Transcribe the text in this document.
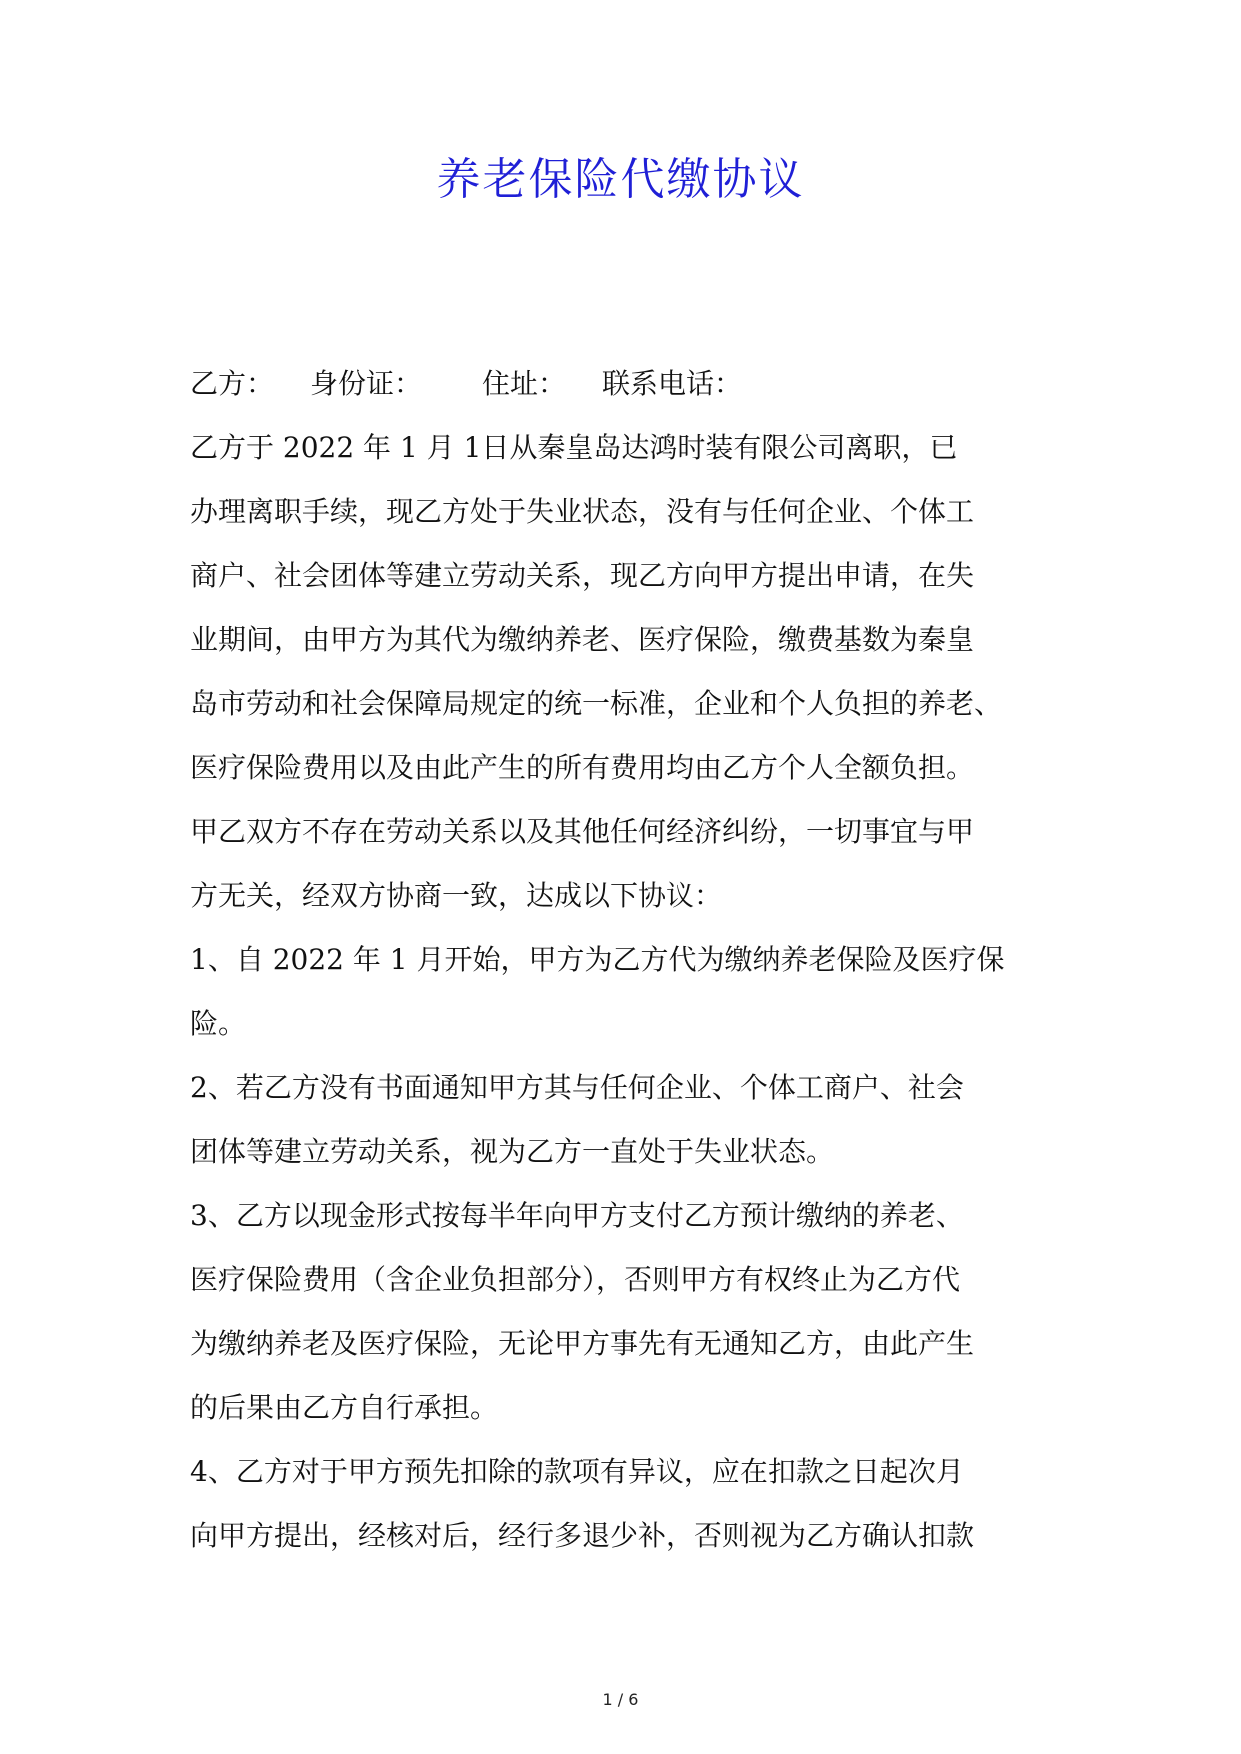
养老保险代缴协议
乙方： 身份证： 住址： 联系电话：
乙方于 2022 年 1 月 1日从秦皇岛达鸿时装有限公司离职，已
办理离职手续，现乙方处于失业状态，没有与任何企业、个体工
商户、社会团体等建立劳动关系，现乙方向甲方提出申请，在失
业期间，由甲方为其代为缴纳养老、医疗保险，缴费基数为秦皇
岛市劳动和社会保障局规定的统一标准，企业和个人负担的养老、
医疗保险费用以及由此产生的所有费用均由乙方个人全额负担。
甲乙双方不存在劳动关系以及其他任何经济纠纷，一切事宜与甲
方无关，经双方协商一致，达成以下协议：
1、自 2022 年 1 月开始，甲方为乙方代为缴纳养老保险及医疗保
险。
2、若乙方没有书面通知甲方其与任何企业、个体工商户、社会
团体等建立劳动关系，视为乙方一直处于失业状态。
3、乙方以现金形式按每半年向甲方支付乙方预计缴纳的养老、
医疗保险费用（含企业负担部分），否则甲方有权终止为乙方代
为缴纳养老及医疗保险，无论甲方事先有无通知乙方，由此产生
的后果由乙方自行承担。
4、乙方对于甲方预先扣除的款项有异议，应在扣款之日起次月
向甲方提出，经核对后，经行多退少补，否则视为乙方确认扣款
1 / 6
